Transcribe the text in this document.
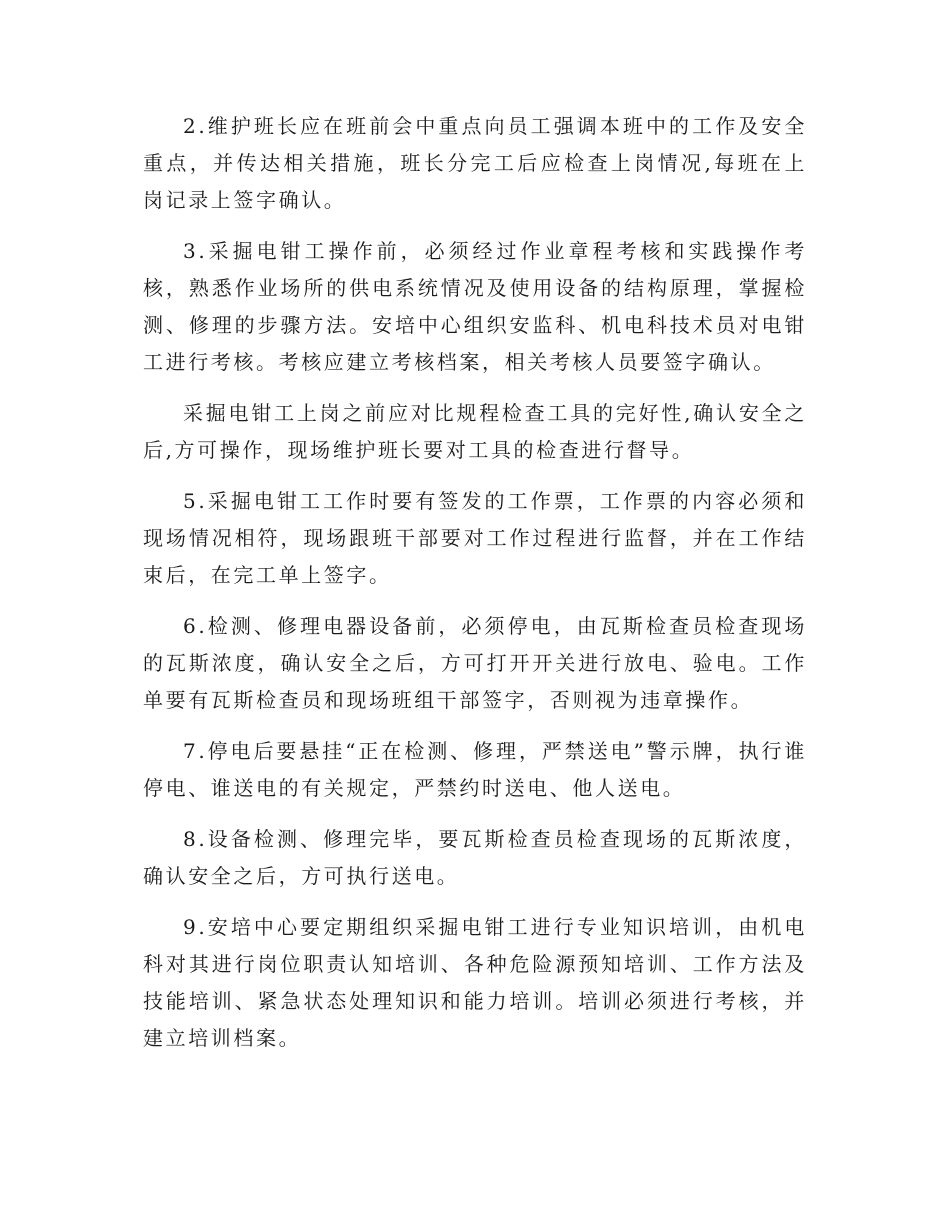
2.维护班长应在班前会中重点向员工强调本班中的工作及安全重点，并传达相关措施，班长分完工后应检查上岗情况,每班在上岗记录上签字确认。

3.采掘电钳工操作前，必须经过作业章程考核和实践操作考核，熟悉作业场所的供电系统情况及使用设备的结构原理，掌握检测、修理的步骤方法。安培中心组织安监科、机电科技术员对电钳工进行考核。考核应建立考核档案，相关考核人员要签字确认。

采掘电钳工上岗之前应对比规程检查工具的完好性,确认安全之后,方可操作，现场维护班长要对工具的检查进行督导。

5.采掘电钳工工作时要有签发的工作票，工作票的内容必须和现场情况相符，现场跟班干部要对工作过程进行监督，并在工作结束后，在完工单上签字。

6.检测、修理电器设备前，必须停电，由瓦斯检查员检查现场的瓦斯浓度，确认安全之后，方可打开开关进行放电、验电。工作单要有瓦斯检查员和现场班组干部签字，否则视为违章操作。

7.停电后要悬挂“正在检测、修理，严禁送电”警示牌，执行谁停电、谁送电的有关规定，严禁约时送电、他人送电。

8.设备检测、修理完毕，要瓦斯检查员检查现场的瓦斯浓度，确认安全之后，方可执行送电。

9.安培中心要定期组织采掘电钳工进行专业知识培训，由机电科对其进行岗位职责认知培训、各种危险源预知培训、工作方法及技能培训、紧急状态处理知识和能力培训。培训必须进行考核，并建立培训档案。
